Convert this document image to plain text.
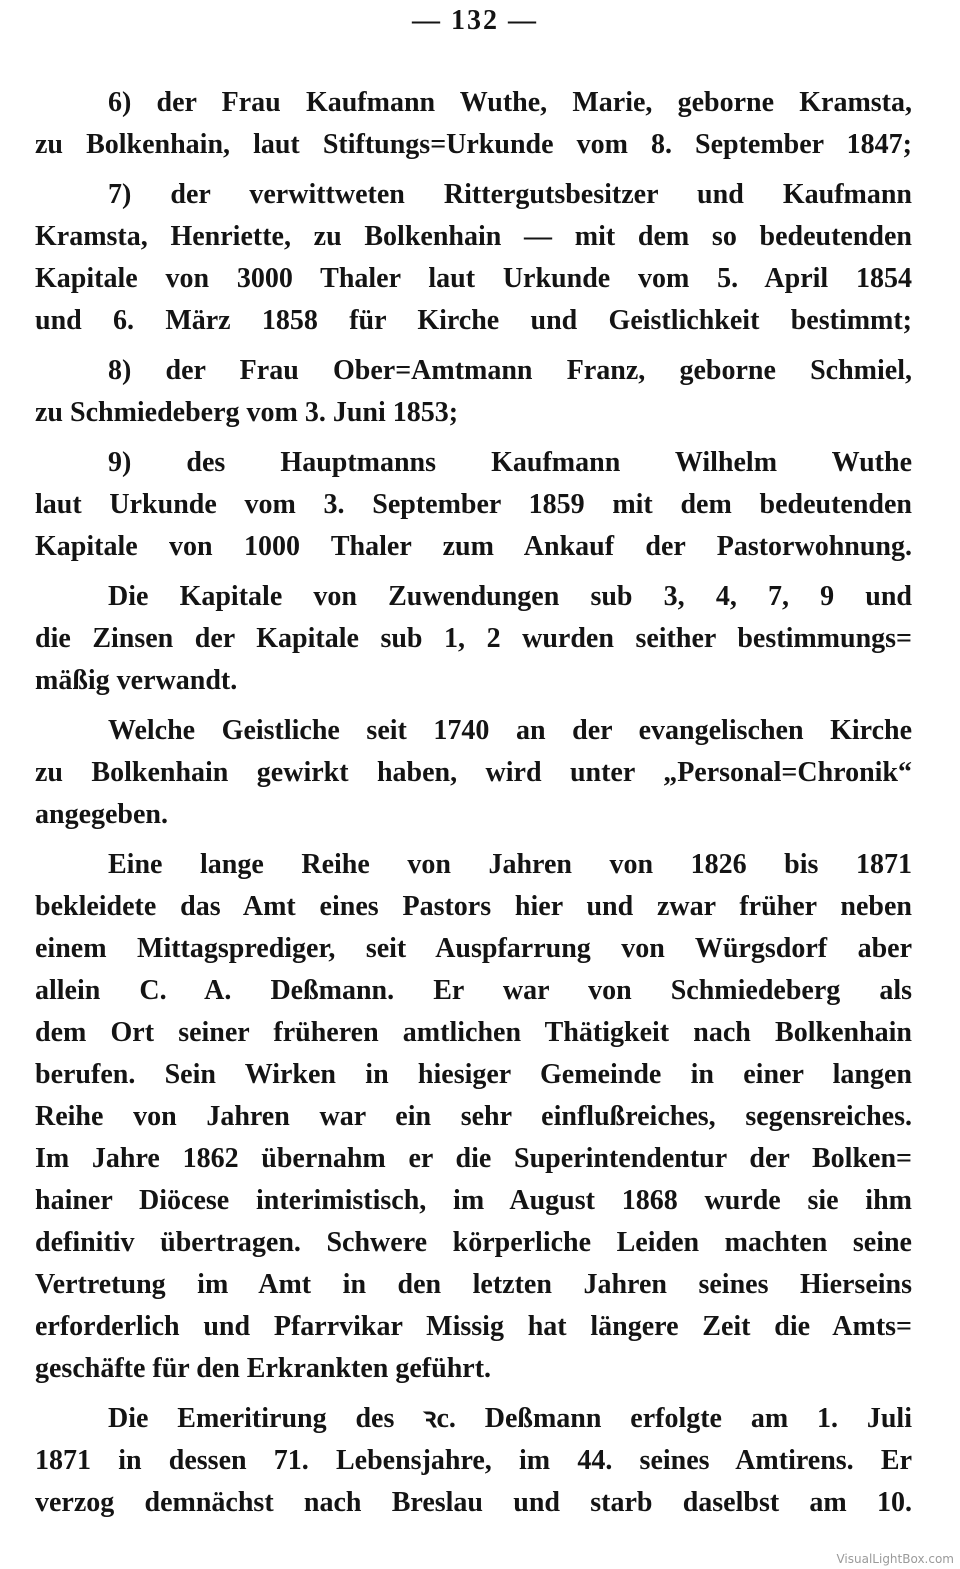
— 132 —
6) der Frau Kaufmann Wuthe, Marie, geborne Kramsta,
zu Bolkenhain, laut Stiftungs=Urkunde vom 8. September 1847;
7) der verwittweten Rittergutsbesitzer und Kaufmann
Kramsta, Henriette, zu Bolkenhain — mit dem so bedeutenden
Kapitale von 3000 Thaler laut Urkunde vom 5. April 1854
und 6. März 1858 für Kirche und Geistlichkeit bestimmt;
8) der Frau Ober=Amtmann Franz, geborne Schmiel,
zu Schmiedeberg vom 3. Juni 1853;
9) des Hauptmanns Kaufmann Wilhelm Wuthe
laut Urkunde vom 3. September 1859 mit dem bedeutenden
Kapitale von 1000 Thaler zum Ankauf der Pastorwohnung.
Die Kapitale von Zuwendungen sub 3, 4, 7, 9 und
die Zinsen der Kapitale sub 1, 2 wurden seither bestimmungs=
mäßig verwandt.
Welche Geistliche seit 1740 an der evangelischen Kirche
zu Bolkenhain gewirkt haben, wird unter „Personal=Chronik“
angegeben.
Eine lange Reihe von Jahren von 1826 bis 1871
bekleidete das Amt eines Pastors hier und zwar früher neben
einem Mittagsprediger, seit Auspfarrung von Würgsdorf aber
allein C. A. Deßmann. Er war von Schmiedeberg als
dem Ort seiner früheren amtlichen Thätigkeit nach Bolkenhain
berufen. Sein Wirken in hiesiger Gemeinde in einer langen
Reihe von Jahren war ein sehr einflußreiches, segensreiches.
Im Jahre 1862 übernahm er die Superintendentur der Bolken=
hainer Diöcese interimistisch, im August 1868 wurde sie ihm
definitiv übertragen. Schwere körperliche Leiden machten seine
Vertretung im Amt in den letzten Jahren seines Hierseins
erforderlich und Pfarrvikar Missig hat längere Zeit die Amts=
geschäfte für den Erkrankten geführt.
Die Emeritirung des ꝛc. Deßmann erfolgte am 1. Juli
1871 in dessen 71. Lebensjahre, im 44. seines Amtirens. Er
verzog demnächst nach Breslau und starb daselbst am 10.
VisualLightBox.com
